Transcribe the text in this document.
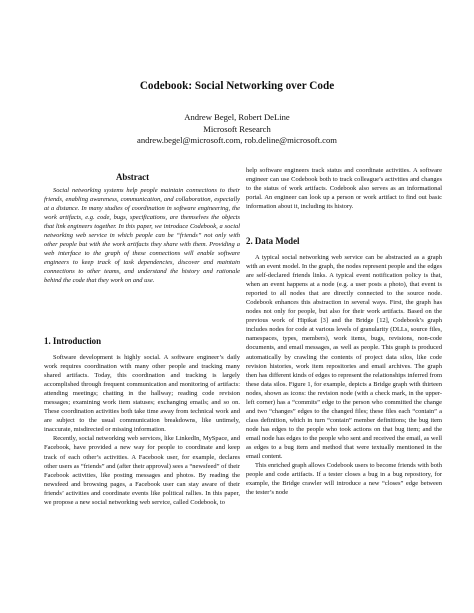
Codebook: Social Networking over Code
Andrew Begel, Robert DeLine
Microsoft Research
andrew.begel@microsoft.com, rob.deline@microsoft.com
Abstract

Social networking systems help people maintain connections to their friends, enabling awareness, communication, and collaboration, especially at a distance. In many studies of coordination in software engineering, the work artifacts, e.g. code, bugs, specifications, are themselves the objects that link engineers together. In this paper, we introduce Codebook, a social networking web service in which people can be “friends” not only with other people but with the work artifacts they share with them. Providing a web interface to the graph of these connections will enable software engineers to keep track of task dependencies, discover and maintain connections to other teams, and understand the history and rationale behind the code that they work on and use.

1. Introduction

Software development is highly social. A software engineer’s daily work requires coordination with many other people and tracking many shared artifacts. Today, this coordination and tracking is largely accomplished through frequent communication and monitoring of artifacts: attending meetings; chatting in the hallway; reading code revision messages; examining work item statuses; exchanging emails; and so on. These coordination activities both take time away from technical work and are subject to the usual communication breakdowns, like untimely, inaccurate, misdirected or missing information.

Recently, social networking web services, like LinkedIn, MySpace, and Facebook, have provided a new way for people to coordinate and keep track of each other’s activities. A Facebook user, for example, declares other users as “friends” and (after their approval) sees a “newsfeed” of their Facebook activities, like posting messages and photos. By reading the newsfeed and browsing pages, a Facebook user can stay aware of their friends’ activities and coordinate events like political rallies. In this paper, we propose a new social networking web service, called Codebook, to

help software engineers track status and coordinate activities. A software engineer can use Codebook both to track colleague’s activities and changes to the status of work artifacts. Codebook also serves as an informational portal. An engineer can look up a person or work artifact to find out basic information about it, including its history.

2. Data Model

A typical social networking web service can be abstracted as a graph with an event model. In the graph, the nodes represent people and the edges are self-declared friends links. A typical event notification policy is that, when an event happens at a node (e.g. a user posts a photo), that event is reported to all nodes that are directly connected to the source node. Codebook enhances this abstraction in several ways. First, the graph has nodes not only for people, but also for their work artifacts. Based on the previous work of Hipikat [3] and the Bridge [12], Codebook’s graph includes nodes for code at various levels of granularity (DLLs, source files, namespaces, types, members), work items, bugs, revisions, non-code documents, and email messages, as well as people. This graph is produced automatically by crawling the contents of project data silos, like code revision histories, work item repositories and email archives. The graph then has different kinds of edges to represent the relationships inferred from these data silos. Figure 1, for example, depicts a Bridge graph with thirteen nodes, shown as icons: the revision node (with a check mark, in the upper-left corner) has a “commits” edge to the person who committed the change and two “changes” edges to the changed files; these files each “contain” a class definition, which in turn “contain” member definitions; the bug item node has edges to the people who took actions on that bug item; and the email node has edges to the people who sent and received the email, as well as edges to a bug item and method that were textually mentioned in the email content.

This enriched graph allows Codebook users to become friends with both people and code artifacts. If a tester closes a bug in a bug repository, for example, the Bridge crawler will introduce a new “closes” edge between the tester’s node
